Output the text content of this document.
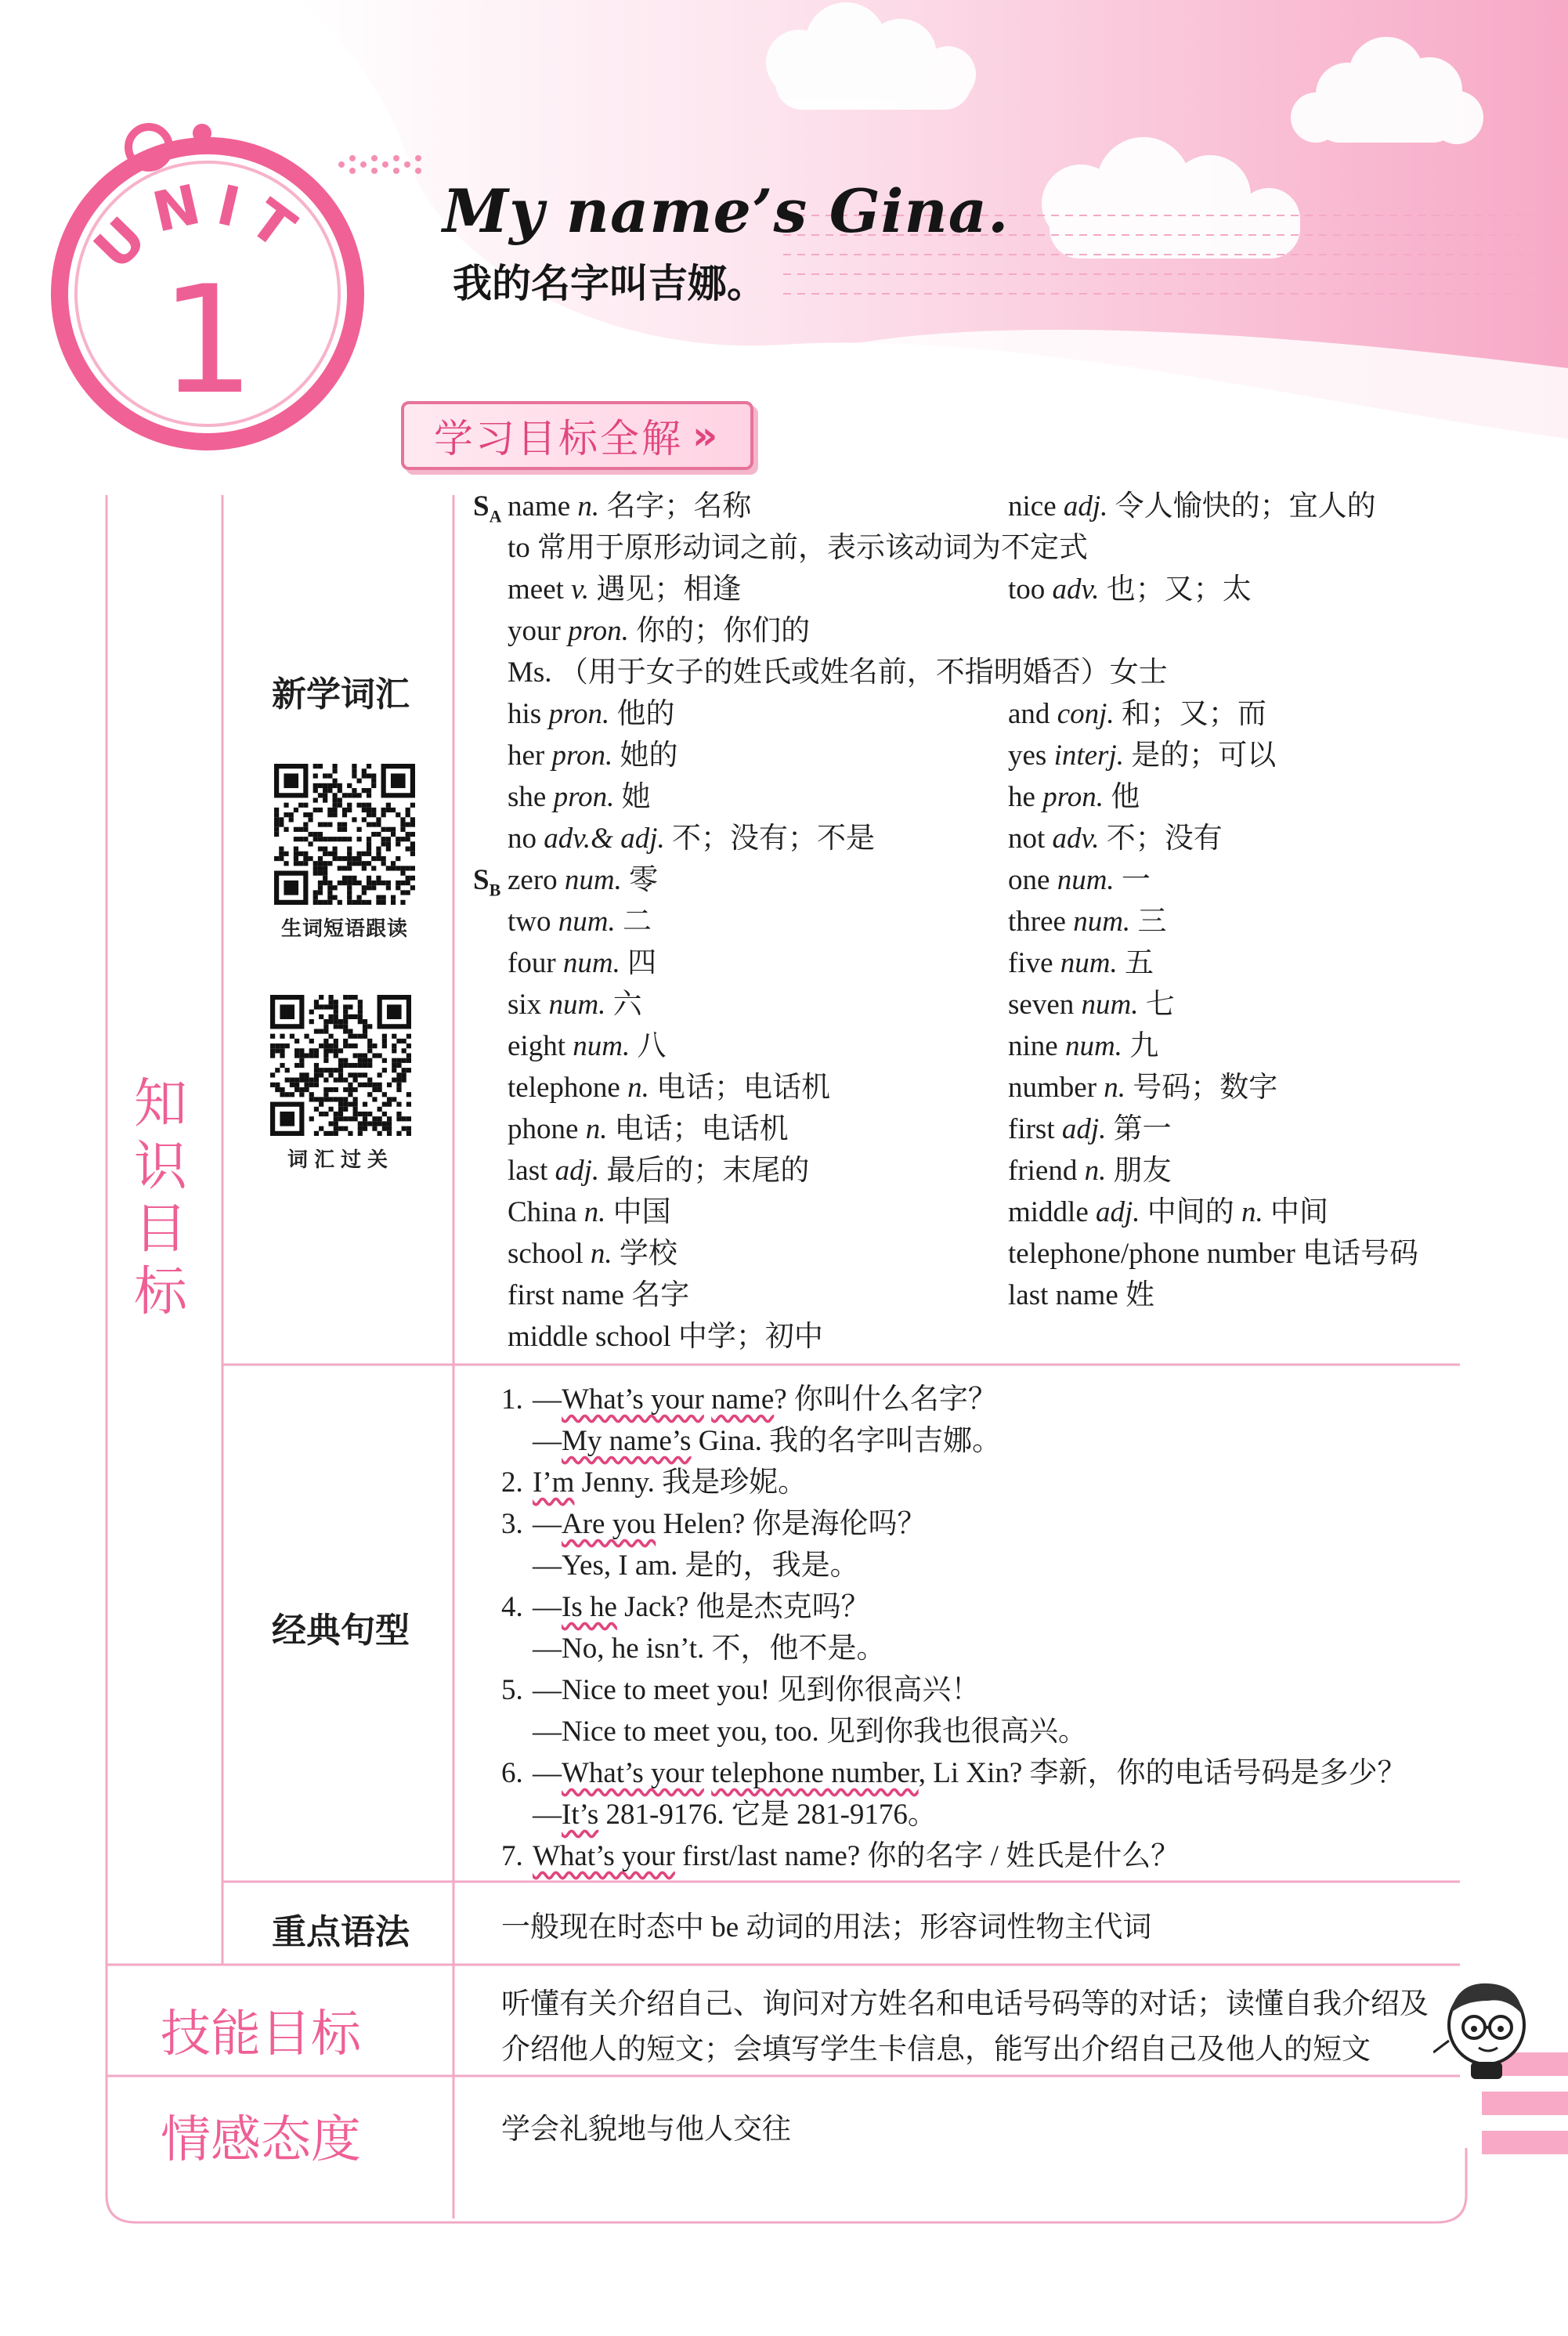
UNIT
1
My name’s Gina.
我的名字叫吉娜。
学习目标全解 »
知
识
目
标
新学词汇
生词短语跟读
词汇过关
经典句型
重点语法
技能目标
情感态度
$S_A$ name n. 名字；名称
to 常用于原形动词之前，表示该动词为不定式
meet v. 遇见；相逢
your pron. 你的；你们的
Ms. （用于女子的姓氏或姓名前，不指明婚否）女士
his pron. 他的
her pron. 她的
she pron. 她
no adv.& adj. 不；没有；不是
$S_B$ zero num. 零
two num. 二
four num. 四
six num. 六
eight num. 八
telephone n. 电话；电话机
phone n. 电话；电话机
last adj. 最后的；末尾的
China n. 中国
school n. 学校
first name 名字
middle school 中学；初中
nice adj. 令人愉快的；宜人的
too adv. 也；又；太
and conj. 和；又；而
yes interj. 是的；可以
he pron. 他
not adv. 不；没有
one num. 一
three num. 三
five num. 五
seven num. 七
nine num. 九
number n. 号码；数字
first adj. 第一
friend n. 朋友
middle adj. 中间的 n. 中间
telephone/phone number 电话号码
last name 姓
1. —What’s your name? 你叫什么名字？
—My name’s Gina. 我的名字叫吉娜。
2. I’m Jenny. 我是珍妮。
3. —Are you Helen? 你是海伦吗？
—Yes, I am. 是的，我是。
4. —Is he Jack? 他是杰克吗？
—No, he isn’t. 不，他不是。
5. —Nice to meet you! 见到你很高兴！
—Nice to meet you, too. 见到你我也很高兴。
6. —What’s your telephone number, Li Xin? 李新，你的电话号码是多少？
—It’s 281-9176. 它是 281-9176。
7. What’s your first/last name? 你的名字 / 姓氏是什么？
一般现在时态中 be 动词的用法；形容词性物主代词
听懂有关介绍自己、询问对方姓名和电话号码等的对话；读懂自我介绍及
介绍他人的短文；会填写学生卡信息，能写出介绍自己及他人的短文
学会礼貌地与他人交往
